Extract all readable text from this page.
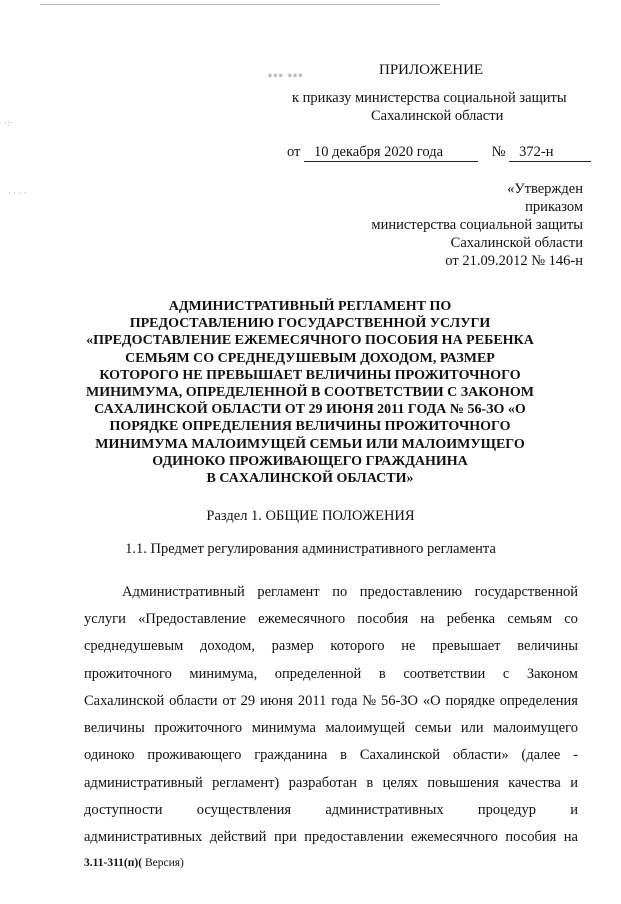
·:·
· · · ·
▪▪▪ ▪▪▪	ПРИЛОЖЕНИЕ
к приказу министерства социальной защиты
Сахалинской области
от 10 декабря 2020 года	№ 372-н
«Утвержден
приказом
министерства социальной защиты
Сахалинской области
от 21.09.2012 № 146-н
АДМИНИСТРАТИВНЫЙ РЕГЛАМЕНТ ПО
ПРЕДОСТАВЛЕНИЮ ГОСУДАРСТВЕННОЙ УСЛУГИ
«ПРЕДОСТАВЛЕНИЕ ЕЖЕМЕСЯЧНОГО ПОСОБИЯ НА РЕБЕНКА
СЕМЬЯМ СО СРЕДНЕДУШЕВЫМ ДОХОДОМ, РАЗМЕР
КОТОРОГО НЕ ПРЕВЫШАЕТ ВЕЛИЧИНЫ ПРОЖИТОЧНОГО
МИНИМУМА, ОПРЕДЕЛЕННОЙ В СООТВЕТСТВИИ С ЗАКОНОМ
САХАЛИНСКОЙ ОБЛАСТИ ОТ 29 ИЮНЯ 2011 ГОДА № 56-ЗО «О
ПОРЯДКЕ ОПРЕДЕЛЕНИЯ ВЕЛИЧИНЫ ПРОЖИТОЧНОГО
МИНИМУМА МАЛОИМУЩЕЙ СЕМЬИ ИЛИ МАЛОИМУЩЕГО
ОДИНОКО ПРОЖИВАЮЩЕГО ГРАЖДАНИНА
В САХАЛИНСКОЙ ОБЛАСТИ»
Раздел 1. ОБЩИЕ ПОЛОЖЕНИЯ
1.1. Предмет регулирования административного регламента
Административный регламент по предоставлению государственной
услуги «Предоставление ежемесячного пособия на ребенка семьям со
среднедушевым доходом, размер которого не превышает величины
прожиточного минимума, определенной в соответствии с Законом
Сахалинской области от 29 июня 2011 года № 56-ЗО «О порядке определения
величины прожиточного минимума малоимущей семьи или малоимущего
одиноко проживающего гражданина в Сахалинской области» (далее -
административный регламент) разработан в целях повышения качества и
доступности осуществления административных процедур и
3.11-311(п)( Версия)
административных действий при предоставлении ежемесячного пособия на
